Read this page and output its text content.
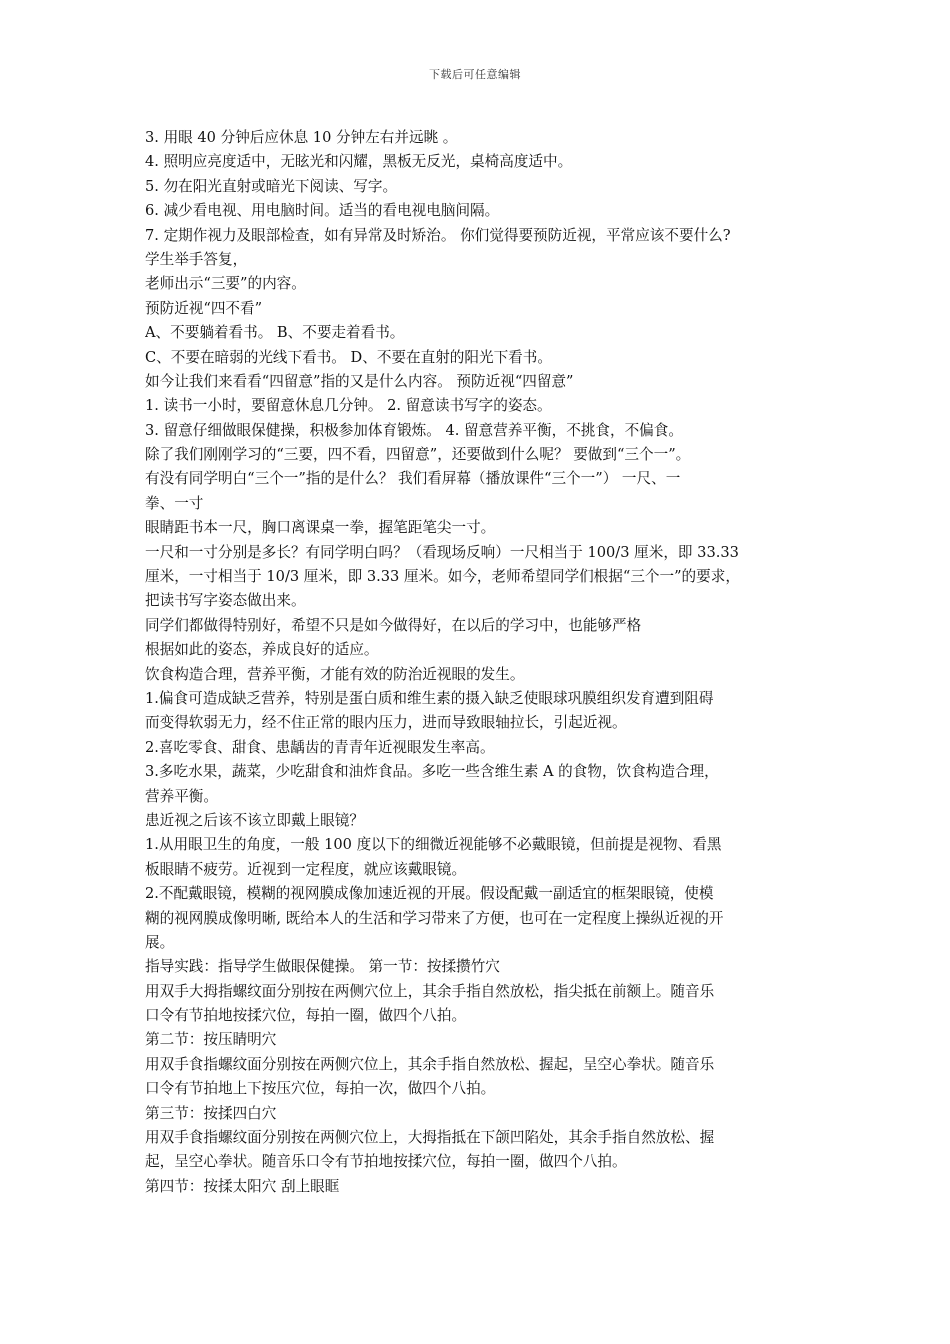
下载后可任意编辑
3. 用眼 40 分钟后应休息 10 分钟左右并远眺 。
4. 照明应亮度适中，无眩光和闪耀，黑板无反光，桌椅高度适中。
5. 勿在阳光直射或暗光下阅读、写字。
6. 减少看电视、用电脑时间。适当的看电视电脑间隔。
7. 定期作视力及眼部检查，如有异常及时矫治。 你们觉得要预防近视，平常应该不要什么?
学生举手答复，
老师出示“三要”的内容。
预防近视“四不看”
A、不要躺着看书。 B、不要走着看书。
C、不要在暗弱的光线下看书。 D、不要在直射的阳光下看书。
如今让我们来看看“四留意”指的又是什么内容。 预防近视“四留意”
1. 读书一小时，要留意休息几分钟。 2. 留意读书写字的姿态。
3. 留意仔细做眼保健操，积极参加体育锻炼。 4. 留意营养平衡，不挑食，不偏食。
除了我们刚刚学习的“三要，四不看，四留意”，还要做到什么呢？ 要做到“三个一”。
有没有同学明白“三个一”指的是什么？ 我们看屏幕（播放课件“三个一”） 一尺、一
拳、一寸
眼睛距书本一尺，胸口离课桌一拳，握笔距笔尖一寸。
一尺和一寸分别是多长？有同学明白吗？（看现场反响）一尺相当于 100/3 厘米，即 33.33
厘米，一寸相当于 10/3 厘米，即 3.33 厘米。如今，老师希望同学们根据“三个一”的要求，
把读书写字姿态做出来。
同学们都做得特别好，希望不只是如今做得好，在以后的学习中，也能够严格
根据如此的姿态，养成良好的适应。
饮食构造合理，营养平衡，才能有效的防治近视眼的发生。
1.偏食可造成缺乏营养，特别是蛋白质和维生素的摄入缺乏使眼球巩膜组织发育遭到阻碍
而变得软弱无力，经不住正常的眼内压力，进而导致眼轴拉长，引起近视。
2.喜吃零食、甜食、患龋齿的青青年近视眼发生率高。
3.多吃水果，蔬菜，少吃甜食和油炸食品。多吃一些含维生素 A 的食物，饮食构造合理，
营养平衡。
患近视之后该不该立即戴上眼镜？
1.从用眼卫生的角度，一般 100 度以下的细微近视能够不必戴眼镜，但前提是视物、看黑
板眼睛不疲劳。近视到一定程度，就应该戴眼镜。
2.不配戴眼镜，模糊的视网膜成像加速近视的开展。假设配戴一副适宜的框架眼镜，使模
糊的视网膜成像明晰, 既给本人的生活和学习带来了方便，也可在一定程度上操纵近视的开
展。
指导实践：指导学生做眼保健操。 第一节：按揉攒竹穴
用双手大拇指螺纹面分别按在两侧穴位上，其余手指自然放松，指尖抵在前额上。随音乐
口令有节拍地按揉穴位，每拍一圈，做四个八拍。
第二节：按压睛明穴
用双手食指螺纹面分别按在两侧穴位上，其余手指自然放松、握起，呈空心拳状。随音乐
口令有节拍地上下按压穴位，每拍一次，做四个八拍。
第三节：按揉四白穴
用双手食指螺纹面分别按在两侧穴位上，大拇指抵在下颌凹陷处，其余手指自然放松、握
起，呈空心拳状。随音乐口令有节拍地按揉穴位，每拍一圈，做四个八拍。
第四节：按揉太阳穴 刮上眼眶
